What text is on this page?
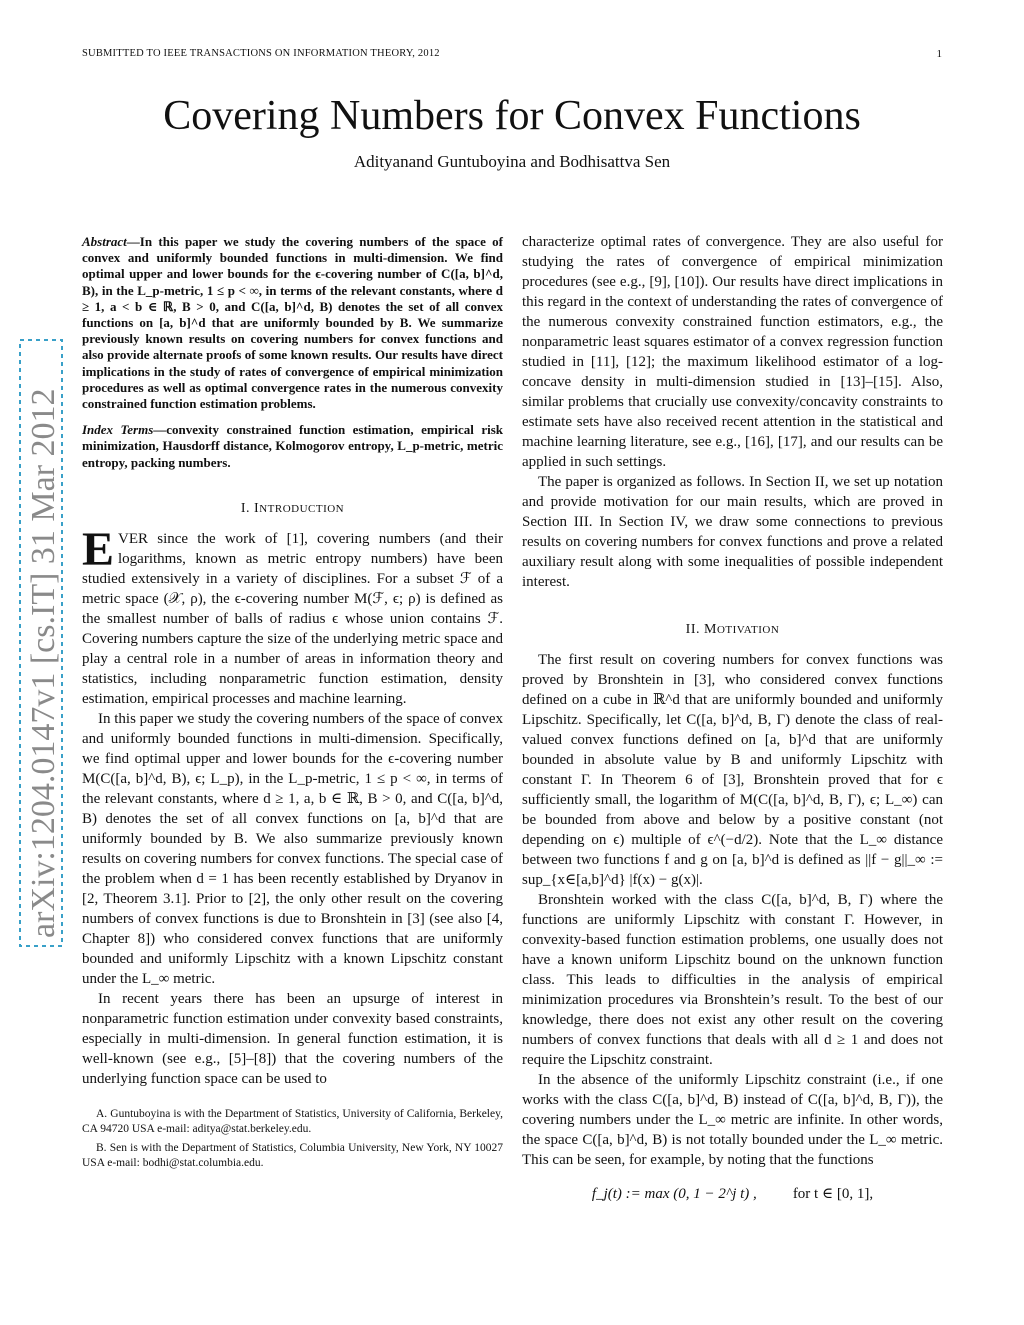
SUBMITTED TO IEEE TRANSACTIONS ON INFORMATION THEORY, 2012	1
Covering Numbers for Convex Functions
Adityanand Guntuboyina and Bodhisattva Sen
arXiv:1204.0147v1 [cs.IT] 31 Mar 2012

Abstract—In this paper we study the covering numbers of the space of convex and uniformly bounded functions in multi-dimension. We find optimal upper and lower bounds for the ϵ-covering number of C([a, b]^d, B), in the L_p-metric, 1 ≤ p < ∞, in terms of the relevant constants, where d ≥ 1, a < b ∈ ℝ, B > 0, and C([a, b]^d, B) denotes the set of all convex functions on [a, b]^d that are uniformly bounded by B. We summarize previously known results on covering numbers for convex functions and also provide alternate proofs of some known results. Our results have direct implications in the study of rates of convergence of empirical minimization procedures as well as optimal convergence rates in the numerous convexity constrained function estimation problems.

Index Terms—convexity constrained function estimation, empirical risk minimization, Hausdorff distance, Kolmogorov entropy, L_p-metric, metric entropy, packing numbers.

I. INTRODUCTION

EVER since the work of [1], covering numbers (and their logarithms, known as metric entropy numbers) have been studied extensively in a variety of disciplines. For a subset ℱ of a metric space (𝒳, ρ), the ϵ-covering number M(ℱ, ϵ; ρ) is defined as the smallest number of balls of radius ϵ whose union contains ℱ. Covering numbers capture the size of the underlying metric space and play a central role in a number of areas in information theory and statistics, including nonparametric function estimation, density estimation, empirical processes and machine learning.

In this paper we study the covering numbers of the space of convex and uniformly bounded functions in multi-dimension. Specifically, we find optimal upper and lower bounds for the ϵ-covering number M(C([a, b]^d, B), ϵ; L_p), in the L_p-metric, 1 ≤ p < ∞, in terms of the relevant constants, where d ≥ 1, a, b ∈ ℝ, B > 0, and C([a, b]^d, B) denotes the set of all convex functions on [a, b]^d that are uniformly bounded by B. We also summarize previously known results on covering numbers for convex functions. The special case of the problem when d = 1 has been recently established by Dryanov in [2, Theorem 3.1]. Prior to [2], the only other result on the covering numbers of convex functions is due to Bronshtein in [3] (see also [4, Chapter 8]) who considered convex functions that are uniformly bounded and uniformly Lipschitz with a known Lipschitz constant under the L_∞ metric.

In recent years there has been an upsurge of interest in nonparametric function estimation under convexity based constraints, especially in multi-dimension. In general function estimation, it is well-known (see e.g., [5]–[8]) that the covering numbers of the underlying function space can be used to

A. Guntuboyina is with the Department of Statistics, University of California, Berkeley, CA 94720 USA e-mail: aditya@stat.berkeley.edu.

B. Sen is with the Department of Statistics, Columbia University, New York, NY 10027 USA e-mail: bodhi@stat.columbia.edu.

characterize optimal rates of convergence. They are also useful for studying the rates of convergence of empirical minimization procedures (see e.g., [9], [10]). Our results have direct implications in this regard in the context of understanding the rates of convergence of the numerous convexity constrained function estimators, e.g., the nonparametric least squares estimator of a convex regression function studied in [11], [12]; the maximum likelihood estimator of a log-concave density in multi-dimension studied in [13]–[15]. Also, similar problems that crucially use convexity/concavity constraints to estimate sets have also received recent attention in the statistical and machine learning literature, see e.g., [16], [17], and our results can be applied in such settings.

The paper is organized as follows. In Section II, we set up notation and provide motivation for our main results, which are proved in Section III. In Section IV, we draw some connections to previous results on covering numbers for convex functions and prove a related auxiliary result along with some inequalities of possible independent interest.

II. MOTIVATION

The first result on covering numbers for convex functions was proved by Bronshtein in [3], who considered convex functions defined on a cube in ℝ^d that are uniformly bounded and uniformly Lipschitz. Specifically, let C([a, b]^d, B, Γ) denote the class of real-valued convex functions defined on [a, b]^d that are uniformly bounded in absolute value by B and uniformly Lipschitz with constant Γ. In Theorem 6 of [3], Bronshtein proved that for ϵ sufficiently small, the logarithm of M(C([a, b]^d, B, Γ), ϵ; L_∞) can be bounded from above and below by a positive constant (not depending on ϵ) multiple of ϵ^(−d/2). Note that the L_∞ distance between two functions f and g on [a, b]^d is defined as ||f − g||_∞ := sup_{x∈[a,b]^d} |f(x) − g(x)|.

Bronshtein worked with the class C([a, b]^d, B, Γ) where the functions are uniformly Lipschitz with constant Γ. However, in convexity-based function estimation problems, one usually does not have a known uniform Lipschitz bound on the unknown function class. This leads to difficulties in the analysis of empirical minimization procedures via Bronshtein’s result. To the best of our knowledge, there does not exist any other result on the covering numbers of convex functions that deals with all d ≥ 1 and does not require the Lipschitz constraint.

In the absence of the uniformly Lipschitz constraint (i.e., if one works with the class C([a, b]^d, B) instead of C([a, b]^d, B, Γ)), the covering numbers under the L_∞ metric are infinite. In other words, the space C([a, b]^d, B) is not totally bounded under the L_∞ metric. This can be seen, for example, by noting that the functions

f_j(t) := max (0, 1 − 2^j t) , for t ∈ [0, 1],
